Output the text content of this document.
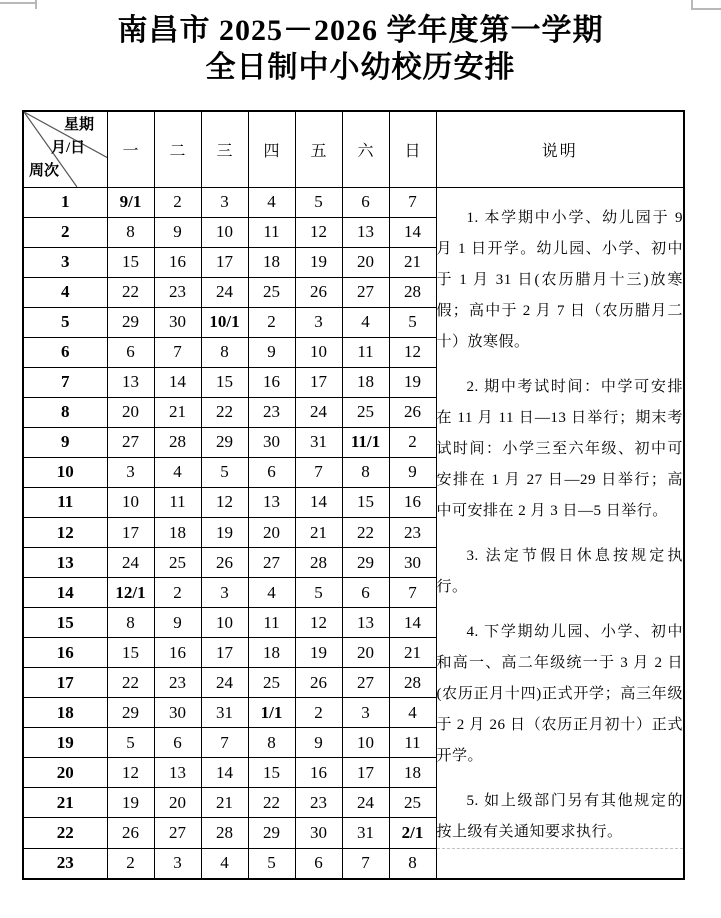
南昌市 2025－2026 学年度第一学期
全日制中小幼校历安排
星期
月/日
周次	一	二	三	四	五	六	日	说明
1	9/1	2	3	4	5	6	7	1. 本学期中小学、幼儿园于 9 月 1 日开学。幼儿园、小学、初中于 1 月 31 日(农历腊月十三)放寒假；高中于 2 月 7 日（农历腊月二十）放寒假。

2. 期中考试时间：中学可安排在 11 月 11 日—13 日举行；期末考试时间：小学三至六年级、初中可安排在 1 月 27 日—29 日举行；高中可安排在 2 月 3 日—5 日举行。

3. 法定节假日休息按规定执行。

4. 下学期幼儿园、小学、初中和高一、高二年级统一于 3 月 2 日(农历正月十四)正式开学；高三年级于 2 月 26 日（农历正月初十）正式开学。

5. 如上级部门另有其他规定的按上级有关通知要求执行。

2	8	9	10	11	12	13	14	
3	15	16	17	18	19	20	21	
4	22	23	24	25	26	27	28	
5	29	30	10/1	2	3	4	5	
6	6	7	8	9	10	11	12	
7	13	14	15	16	17	18	19	
8	20	21	22	23	24	25	26	
9	27	28	29	30	31	11/1	2	
10	3	4	5	6	7	8	9	
11	10	11	12	13	14	15	16	
12	17	18	19	20	21	22	23	
13	24	25	26	27	28	29	30	
14	12/1	2	3	4	5	6	7	
15	8	9	10	11	12	13	14	
16	15	16	17	18	19	20	21	
17	22	23	24	25	26	27	28	
18	29	30	31	1/1	2	3	4	
19	5	6	7	8	9	10	11	
20	12	13	14	15	16	17	18	
21	19	20	21	22	23	24	25	
22	26	27	28	29	30	31	2/1	
23	2	3	4	5	6	7	8	
